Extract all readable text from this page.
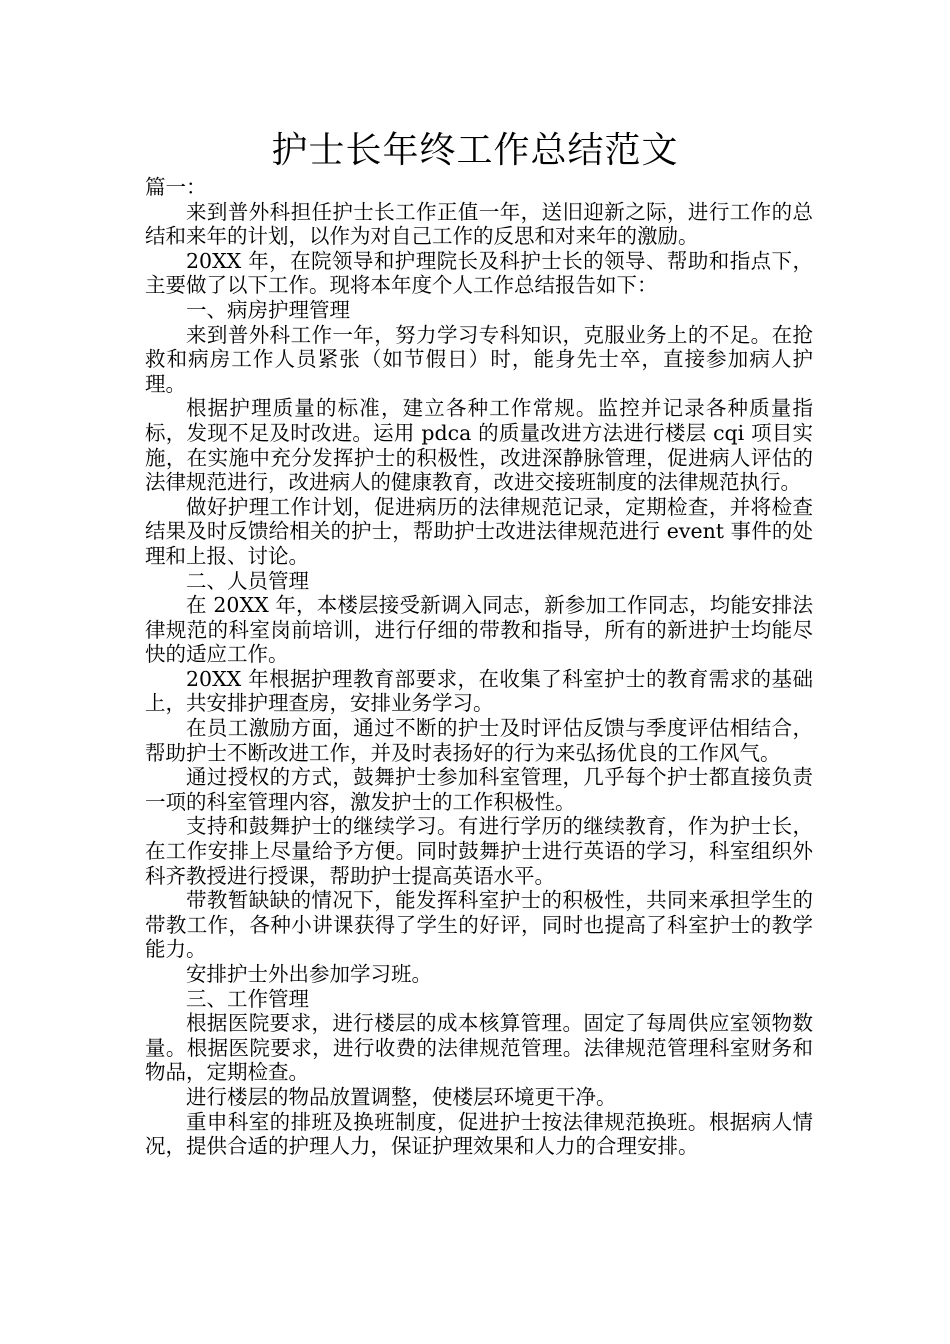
护士长年终工作总结范文

篇一：

来到普外科担任护士长工作正值一年，送旧迎新之际，进行工作的总结和来年的计划，以作为对自己工作的反思和对来年的激励。

20XX 年，在院领导和护理院长及科护士长的领导、帮助和指点下，主要做了以下工作。现将本年度个人工作总结报告如下：

一、病房护理管理

来到普外科工作一年，努力学习专科知识，克服业务上的不足。在抢救和病房工作人员紧张（如节假日）时，能身先士卒，直接参加病人护理。

根据护理质量的标准，建立各种工作常规。监控并记录各种质量指标，发现不足及时改进。运用 pdca 的质量改进方法进行楼层 cqi 项目实施，在实施中充分发挥护士的积极性，改进深静脉管理，促进病人评估的法律规范进行，改进病人的健康教育，改进交接班制度的法律规范执行。

做好护理工作计划，促进病历的法律规范记录，定期检查，并将检查结果及时反馈给相关的护士，帮助护士改进法律规范进行 event 事件的处理和上报、讨论。

二、人员管理

在 20XX 年，本楼层接受新调入同志，新参加工作同志，均能安排法律规范的科室岗前培训，进行仔细的带教和指导，所有的新进护士均能尽快的适应工作。

20XX 年根据护理教育部要求，在收集了科室护士的教育需求的基础上，共安排护理查房，安排业务学习。

在员工激励方面，通过不断的护士及时评估反馈与季度评估相结合，帮助护士不断改进工作，并及时表扬好的行为来弘扬优良的工作风气。

通过授权的方式，鼓舞护士参加科室管理，几乎每个护士都直接负责一项的科室管理内容，激发护士的工作积极性。

支持和鼓舞护士的继续学习。有进行学历的继续教育，作为护士长，在工作安排上尽量给予方便。同时鼓舞护士进行英语的学习，科室组织外科齐教授进行授课，帮助护士提高英语水平。

带教暂缺缺的情况下，能发挥科室护士的积极性，共同来承担学生的带教工作，各种小讲课获得了学生的好评，同时也提高了科室护士的教学能力。

安排护士外出参加学习班。

三、工作管理

根据医院要求，进行楼层的成本核算管理。固定了每周供应室领物数量。根据医院要求，进行收费的法律规范管理。法律规范管理科室财务和物品，定期检查。

进行楼层的物品放置调整，使楼层环境更干净。

重申科室的排班及换班制度，促进护士按法律规范换班。根据病人情况，提供合适的护理人力，保证护理效果和人力的合理安排。
